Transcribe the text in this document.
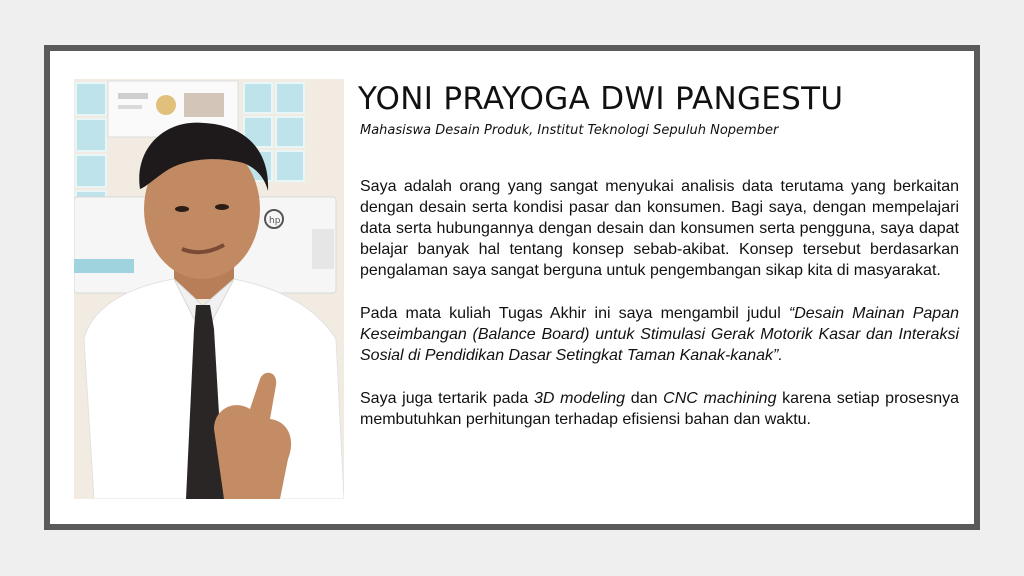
hp
YONI PRAYOGA DWI PANGESTU

Mahasiswa Desain Produk, Institut Teknologi Sepuluh Nopember

Saya adalah orang yang sangat menyukai analisis data terutama yang berkaitan dengan desain serta kondisi pasar dan konsumen. Bagi saya, dengan mempelajari data serta hubungannya dengan desain dan konsumen serta pengguna, saya dapat belajar banyak hal tentang konsep sebab-akibat. Konsep tersebut berdasarkan pengalaman saya sangat berguna untuk pengembangan sikap kita di masyarakat.

Pada mata kuliah Tugas Akhir ini saya mengambil judul “Desain Mainan Papan Keseimbangan (Balance Board) untuk Stimulasi Gerak Motorik Kasar dan Interaksi Sosial di Pendidikan Dasar Setingkat Taman Kanak-kanak”.

Saya juga tertarik pada 3D modeling dan CNC machining karena setiap prosesnya membutuhkan perhitungan terhadap efisiensi bahan dan waktu.
